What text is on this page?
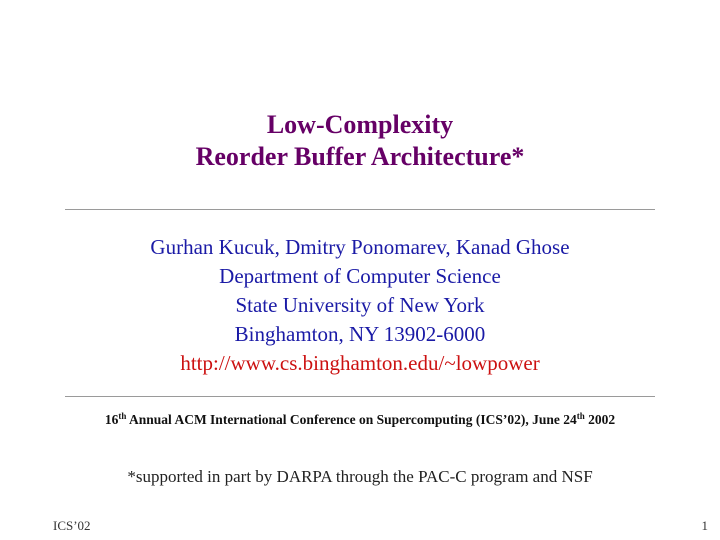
Low-Complexity
Reorder Buffer Architecture*
Gurhan Kucuk, Dmitry Ponomarev, Kanad Ghose
Department of Computer Science
State University of New York
Binghamton, NY 13902-6000
http://www.cs.binghamton.edu/~lowpower
16th Annual ACM International Conference on Supercomputing (ICS’02), June 24th 2002
*supported in part by DARPA through the PAC-C program and NSF
ICS’02	1
